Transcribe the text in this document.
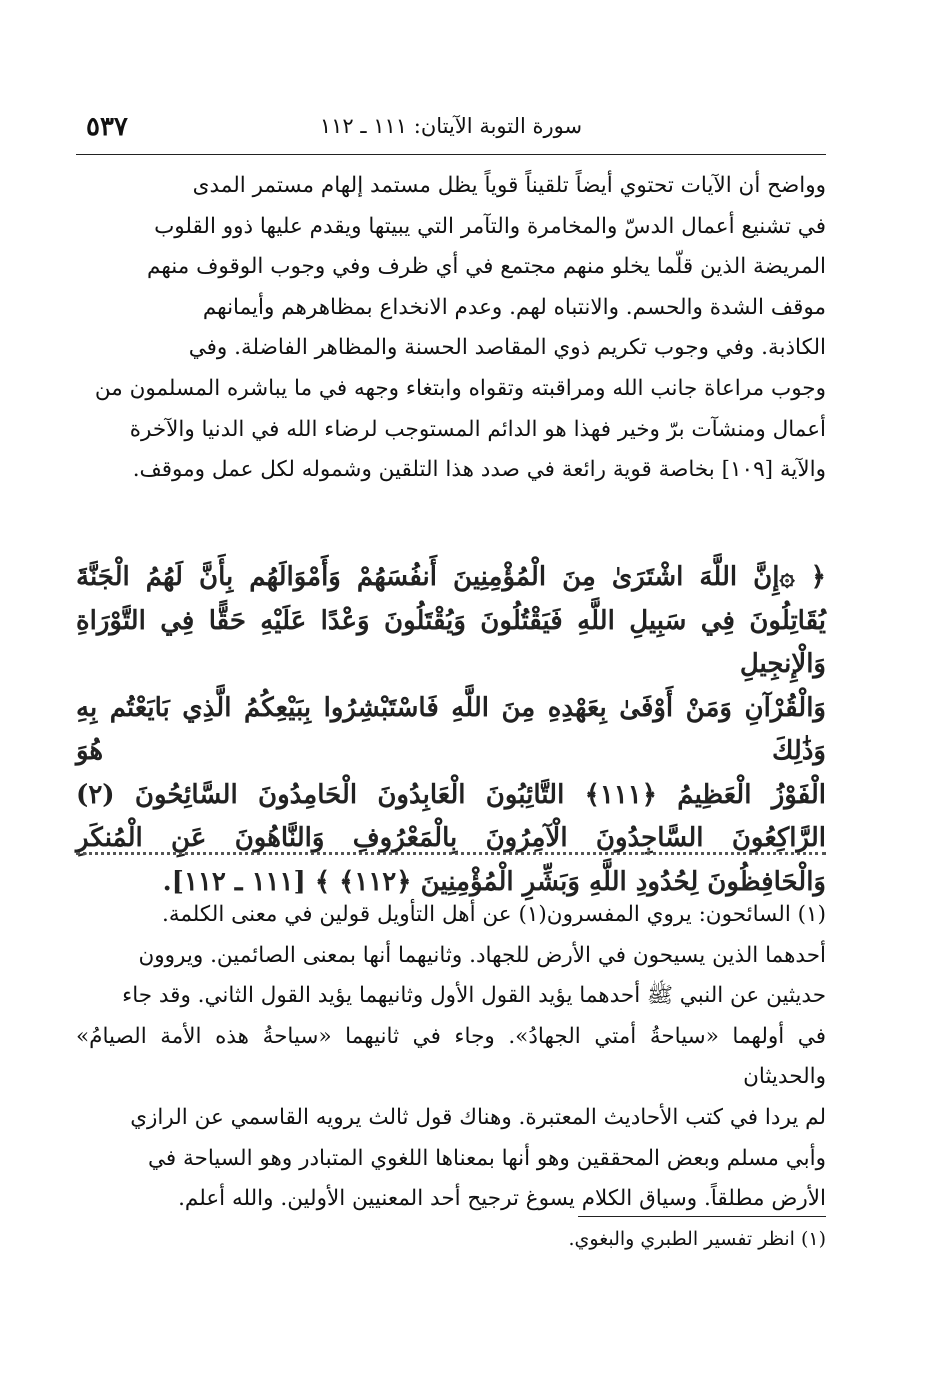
سورة التوبة الآيتان: ١١١ ـ ١١٢
٥٣٧
وواضح أن الآيات تحتوي أيضاً تلقيناً قوياً يظل مستمد إلهام مستمر المدى
في تشنيع أعمال الدسّ والمخامرة والتآمر التي يبيتها ويقدم عليها ذوو القلوب
المريضة الذين قلّما يخلو منهم مجتمع في أي ظرف وفي وجوب الوقوف منهم
موقف الشدة والحسم. والانتباه لهم. وعدم الانخداع بمظاهرهم وأيمانهم
الكاذبة. وفي وجوب تكريم ذوي المقاصد الحسنة والمظاهر الفاضلة. وفي
وجوب مراعاة جانب الله ومراقبته وتقواه وابتغاء وجهه في ما يباشره المسلمون من
أعمال ومنشآت برّ وخير فهذا هو الدائم المستوجب لرضاء الله في الدنيا والآخرة
والآية [١٠٩] بخاصة قوية رائعة في صدد هذا التلقين وشموله لكل عمل وموقف.
﴿ ۞إِنَّ اللَّهَ اشْتَرَىٰ مِنَ الْمُؤْمِنِينَ أَنفُسَهُمْ وَأَمْوَالَهُم بِأَنَّ لَهُمُ الْجَنَّةَ
يُقَاتِلُونَ فِي سَبِيلِ اللَّهِ فَيَقْتُلُونَ وَيُقْتَلُونَ وَعْدًا عَلَيْهِ حَقًّا فِي التَّوْرَاةِ وَالْإِنجِيلِ
وَالْقُرْآنِ وَمَنْ أَوْفَىٰ بِعَهْدِهِ مِنَ اللَّهِ فَاسْتَبْشِرُوا بِبَيْعِكُمُ الَّذِي بَايَعْتُم بِهِ وَذَٰلِكَ هُوَ
الْفَوْزُ الْعَظِيمُ ﴿١١١﴾ التَّائِبُونَ الْعَابِدُونَ الْحَامِدُونَ السَّائِحُونَ (٢)
الرَّاكِعُونَ السَّاجِدُونَ الْآمِرُونَ بِالْمَعْرُوفِ وَالنَّاهُونَ عَنِ الْمُنكَرِ
وَالْحَافِظُونَ لِحُدُودِ اللَّهِ وَبَشِّرِ الْمُؤْمِنِينَ ﴿١١٢﴾ ﴾ [١١١ ـ ١١٢].
(١) السائحون: يروي المفسرون(١) عن أهل التأويل قولين في معنى الكلمة.
أحدهما الذين يسيحون في الأرض للجهاد. وثانيهما أنها بمعنى الصائمين. ويروون
حديثين عن النبي ﷺ أحدهما يؤيد القول الأول وثانيهما يؤيد القول الثاني. وقد جاء
في أولهما «سياحةُ أمتي الجهادُ». وجاء في ثانيهما «سياحةُ هذه الأمة الصيامُ» والحديثان
لم يردا في كتب الأحاديث المعتبرة. وهناك قول ثالث يرويه القاسمي عن الرازي
وأبي مسلم وبعض المحققين وهو أنها بمعناها اللغوي المتبادر وهو السياحة في
الأرض مطلقاً. وسياق الكلام يسوغ ترجيح أحد المعنيين الأولين. والله أعلم.
(١) انظر تفسير الطبري والبغوي.
